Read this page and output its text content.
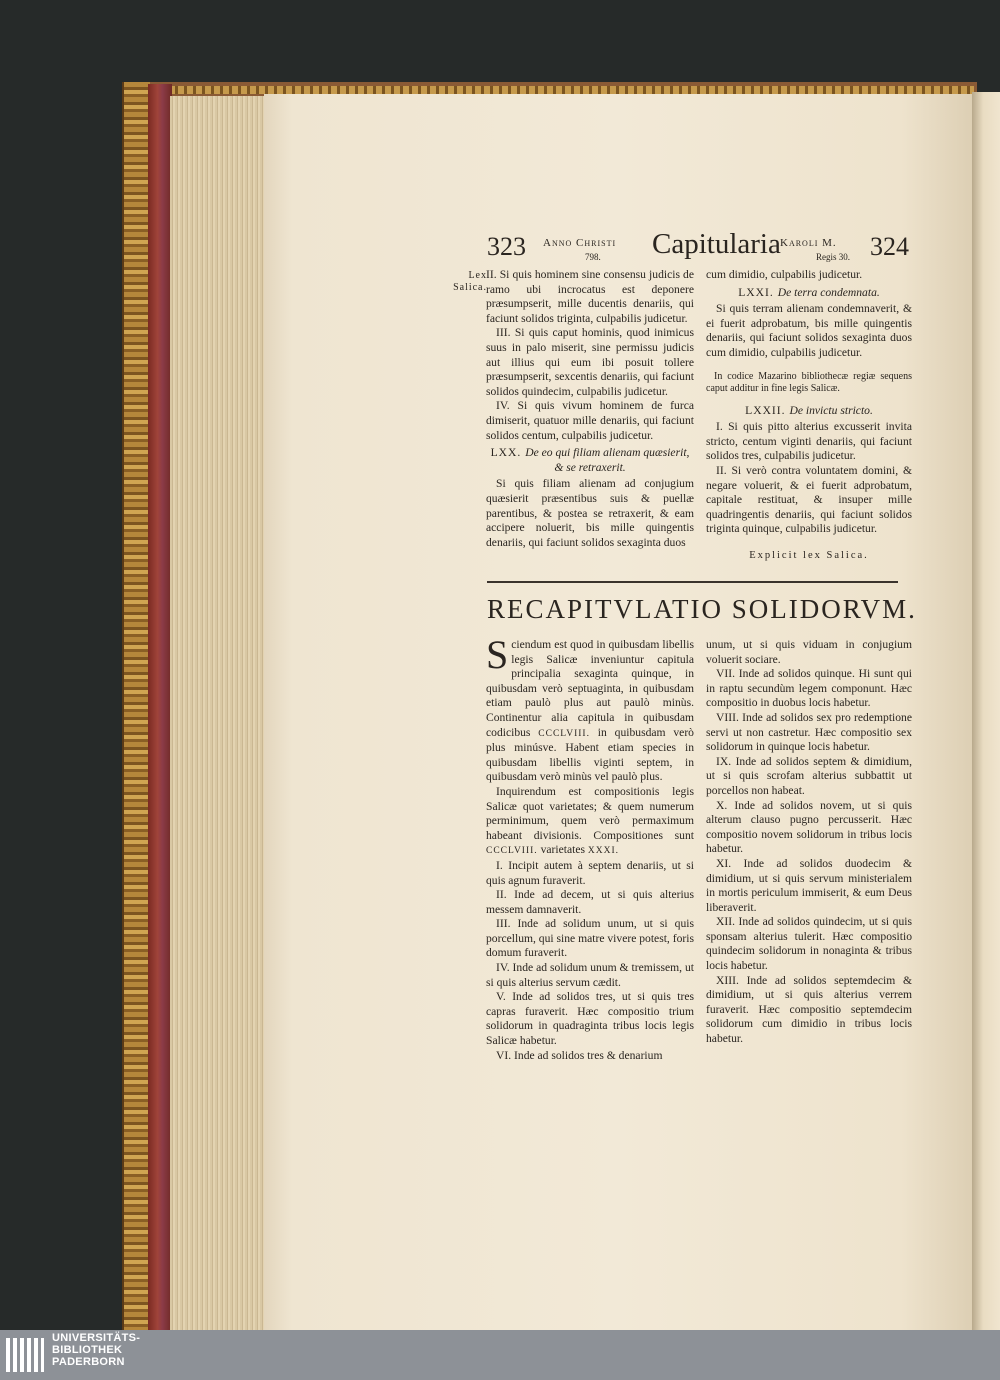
323 Anno Christi
798. Capitularia Karoli M.
Regis 30. 324
Lex
Salica.

II. Si quis hominem sine consensu judicis de ramo ubi incrocatus est deponere præsumpserit, mille ducentis denariis, qui faciunt solidos triginta, culpabilis judicetur.

III. Si quis caput hominis, quod inimicus suus in palo miserit, sine permissu judicis aut illius qui eum ibi posuit tollere præsumpserit, sexcentis denariis, qui faciunt solidos quindecim, culpabilis judicetur.

IV. Si quis vivum hominem de furca dimiserit, quatuor mille denariis, qui faciunt solidos centum, culpabilis judicetur.

LXX. De eo qui filiam alienam quæsierit, & se retraxerit.

Si quis filiam alienam ad conjugium quæsierit præsentibus suis & puellæ parentibus, & postea se retraxerit, & eam accipere noluerit, bis mille quingentis denariis, qui faciunt solidos sexaginta duos

cum dimidio, culpabilis judicetur.

LXXI. De terra condemnata.

Si quis terram alienam condemnaverit, & ei fuerit adprobatum, bis mille quingentis denariis, qui faciunt solidos sexaginta duos cum dimidio, culpabilis judicetur.

In codice Mazarino bibliothecæ regiæ sequens caput additur in fine legis Salicæ.

LXXII. De invictu stricto.

I. Si quis pitto alterius excusserit invita stricto, centum viginti denariis, qui faciunt solidos tres, culpabilis judicetur.

II. Si verò contra voluntatem domini, & negare voluerit, & ei fuerit adprobatum, capitale restituat, & insuper mille quadringentis denariis, qui faciunt solidos triginta quinque, culpabilis judicetur.

Explicit lex Salica.

RECAPITVLATIO SOLIDORVM.

Sciendum est quod in quibusdam libellis legis Salicæ inveniuntur capitula principalia sexaginta quinque, in quibusdam verò septuaginta, in quibusdam etiam paulò plus aut paulò minùs. Continentur alia capitula in quibusdam codicibus CCCLVIII. in quibusdam verò plus minúsve. Habent etiam species in quibusdam libellis viginti septem, in quibusdam verò minùs vel paulò plus.

Inquirendum est compositionis legis Salicæ quot varietates; & quem numerum perminimum, quem verò permaximum habeant divisionis. Compositiones sunt CCCLVIII. varietates XXXI.

I. Incipit autem à septem denariis, ut si quis agnum furaverit.

II. Inde ad decem, ut si quis alterius messem damnaverit.

III. Inde ad solidum unum, ut si quis porcellum, qui sine matre vivere potest, foris domum furaverit.

IV. Inde ad solidum unum & tremissem, ut si quis alterius servum cædit.

V. Inde ad solidos tres, ut si quis tres capras furaverit. Hæc compositio trium solidorum in quadraginta tribus locis legis Salicæ habetur.

VI. Inde ad solidos tres & denarium

unum, ut si quis viduam in conjugium voluerit sociare.

VII. Inde ad solidos quinque. Hi sunt qui in raptu secundùm legem componunt. Hæc compositio in duobus locis habetur.

VIII. Inde ad solidos sex pro redemptione servi ut non castretur. Hæc compositio sex solidorum in quinque locis habetur.

IX. Inde ad solidos septem & dimidium, ut si quis scrofam alterius subbattit ut porcellos non habeat.

X. Inde ad solidos novem, ut si quis alterum clauso pugno percusserit. Hæc compositio novem solidorum in tribus locis habetur.

XI. Inde ad solidos duodecim & dimidium, ut si quis servum ministerialem in mortis periculum immiserit, & eum Deus liberaverit.

XII. Inde ad solidos quindecim, ut si quis sponsam alterius tulerit. Hæc compositio quindecim solidorum in nonaginta & tribus locis habetur.

XIII. Inde ad solidos septemdecim & dimidium, ut si quis alterius verrem furaverit. Hæc compositio septemdecim solidorum cum dimidio in tribus locis habetur.

UNIVERSITÄTS-
BIBLIOTHEK
PADERBORN
